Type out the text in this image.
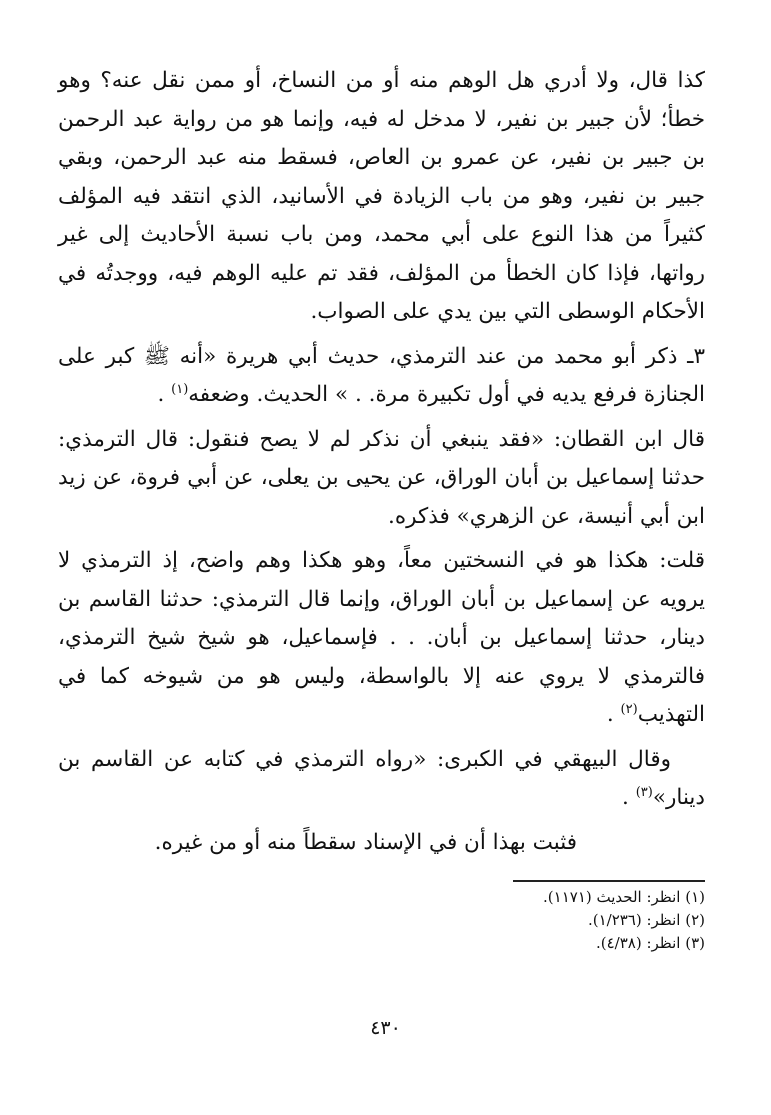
كذا قال، ولا أدري هل الوهم منه أو من النساخ، أو ممن نقل عنه؟ وهو خطأ؛ لأن جبير بن نفير، لا مدخل له فيه، وإنما هو من رواية عبد الرحمن بن جبير بن نفير، عن عمرو بن العاص، فسقط منه عبد الرحمن، وبقي جبير بن نفير، وهو من باب الزيادة في الأسانيد، الذي انتقد فيه المؤلف كثيراً من هذا النوع على أبي محمد، ومن باب نسبة الأحاديث إلى غير رواتها، فإذا كان الخطأ من المؤلف، فقد تم عليه الوهم فيه، ووجدتُه في الأحكام الوسطى التي بين يدي على الصواب.

٣ـ ذكر أبو محمد من عند الترمذي، حديث أبي هريرة «أنه ﷺ كبر على الجنازة فرفع يديه في أول تكبيرة مرة. . » الحديث. وضعفه$^{(١)}$ .

قال ابن القطان: «فقد ينبغي أن نذكر لم لا يصح فنقول: قال الترمذي: حدثنا إسماعيل بن أبان الوراق، عن يحيى بن يعلى، عن أبي فروة، عن زيد ابن أبي أنيسة، عن الزهري» فذكره.

قلت: هكذا هو في النسختين معاً، وهو هكذا وهم واضح، إذ الترمذي لا يرويه عن إسماعيل بن أبان الوراق، وإنما قال الترمذي: حدثنا القاسم بن دينار، حدثنا إسماعيل بن أبان. . . فإسماعيل، هو شيخ شيخ الترمذي، فالترمذي لا يروي عنه إلا بالواسطة، وليس هو من شيوخه كما في التهذيب$^{(٢)}$ .

وقال البيهقي في الكبرى: «رواه الترمذي في كتابه عن القاسم بن دينار»$^{(٣)}$ .

فثبت بهذا أن في الإسناد سقطاً منه أو من غيره.

(١) انظر: الحديث (١١٧١).

(٢) انظر: (١/٢٣٦).

(٣) انظر: (٤/٣٨).

٤٣٠
